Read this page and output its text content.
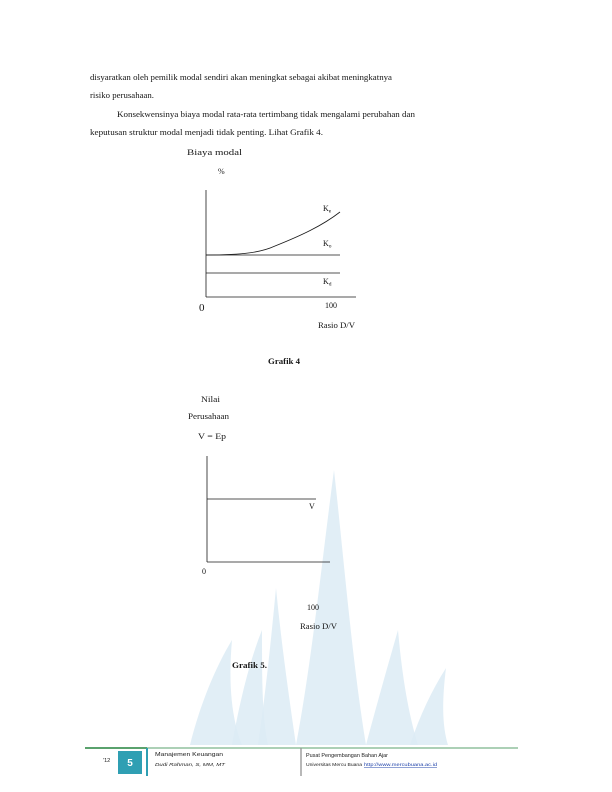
disyaratkan oleh pemilik modal sendiri akan meningkat sebagai akibat meningkatnya
risiko perusahaan.
Konsekwensinya biaya modal rata-rata tertimbang tidak mengalami perubahan dan
keputusan struktur modal menjadi tidak penting. Lihat Grafik 4.
Biaya modal
%
Ke
Ko
Kd
0	100
Rasio D/V
Grafik 4
Nilai
Perusahaan
V = Ep
V
0
100
Rasio D/V
Grafik 5.
'12 5
Manajemen Keuangan
Dudi Rahman, S, MM, MT
Pusat Pengembangan Bahan Ajar
Universitas Mercu Buana http://www.mercubuana.ac.id
